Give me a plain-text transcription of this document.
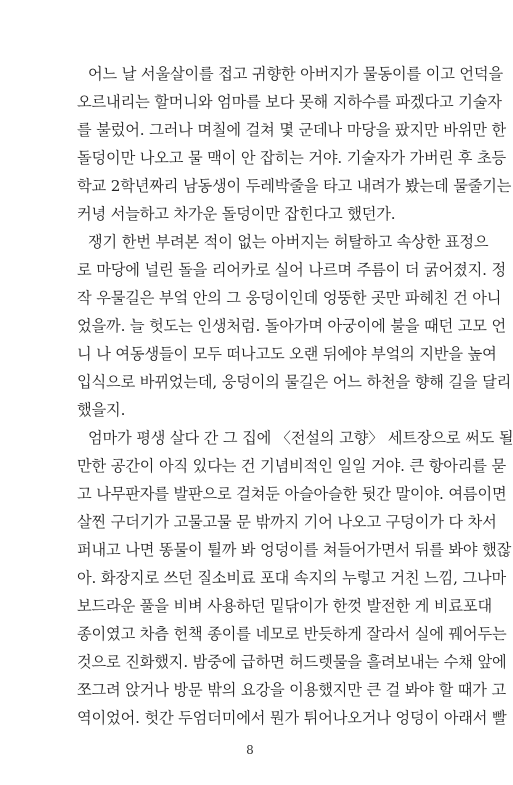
어느 날 서울살이를 접고 귀향한 아버지가 물동이를 이고 언덕을
오르내리는 할머니와 엄마를 보다 못해 지하수를 파겠다고 기술자
를 불렀어. 그러나 며칠에 걸쳐 몇 군데나 마당을 팠지만 바위만 한
돌덩이만 나오고 물 맥이 안 잡히는 거야. 기술자가 가버린 후 초등
학교 2학년짜리 남동생이 두레박줄을 타고 내려가 봤는데 물줄기는
커녕 서늘하고 차가운 돌덩이만 잡힌다고 했던가.
쟁기 한번 부려본 적이 없는 아버지는 허탈하고 속상한 표정으
로 마당에 널린 돌을 리어카로 실어 나르며 주름이 더 굵어졌지. 정
작 우물길은 부엌 안의 그 웅덩이인데 엉뚱한 곳만 파헤친 건 아니
었을까. 늘 헛도는 인생처럼. 돌아가며 아궁이에 불을 때던 고모 언
니 나 여동생들이 모두 떠나고도 오랜 뒤에야 부엌의 지반을 높여
입식으로 바뀌었는데, 웅덩이의 물길은 어느 하천을 향해 길을 달리
했을지.
엄마가 평생 살다 간 그 집에 〈전설의 고향〉 세트장으로 써도 될
만한 공간이 아직 있다는 건 기념비적인 일일 거야. 큰 항아리를 묻
고 나무판자를 발판으로 걸쳐둔 아슬아슬한 뒷간 말이야. 여름이면
살찐 구더기가 고물고물 문 밖까지 기어 나오고 구덩이가 다 차서
퍼내고 나면 똥물이 튈까 봐 엉덩이를 쳐들어가면서 뒤를 봐야 했잖
아. 화장지로 쓰던 질소비료 포대 속지의 누렇고 거친 느낌, 그나마
보드라운 풀을 비벼 사용하던 밑닦이가 한껏 발전한 게 비료포대
종이였고 차츰 헌책 종이를 네모로 반듯하게 잘라서 실에 꿰어두는
것으로 진화했지. 밤중에 급하면 허드렛물을 흘려보내는 수채 앞에
쪼그려 앉거나 방문 밖의 요강을 이용했지만 큰 걸 봐야 할 때가 고
역이었어. 헛간 두엄더미에서 뭔가 튀어나오거나 엉덩이 아래서 빨
8
